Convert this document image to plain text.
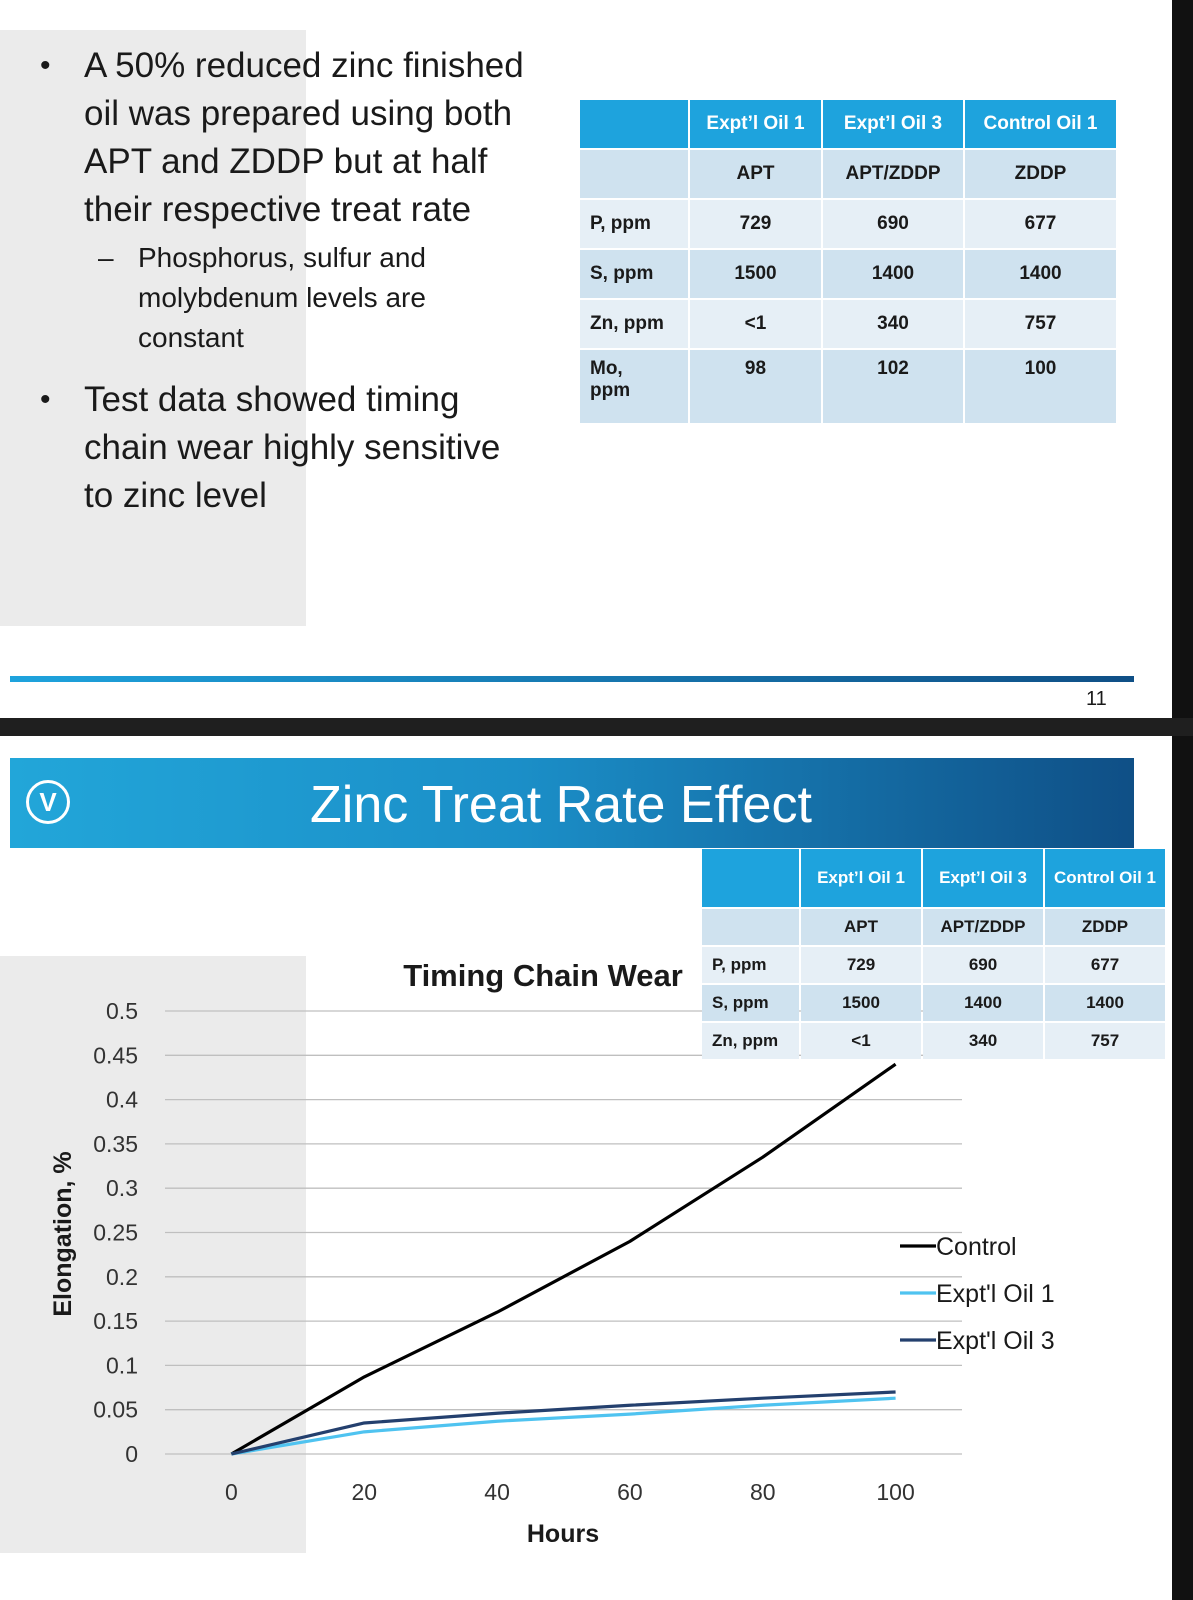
• A 50% reduced zinc finished
oil was prepared using both
APT and ZDDP but at half
their respective treat rate
– Phosphorus, sulfur and
molybdenum levels are
constant
• Test data showed timing
chain wear highly sensitive
to zinc level
	Expt’l Oil 1	Expt’l Oil 3	Control Oil 1
	APT	APT/ZDDP	ZDDP
P, ppm	729	690	677
S, ppm	1500	1400	1400
Zn, ppm	<1	340	757
Mo,
ppm	98	102	100
11
V	Zinc Treat Rate Effect
0
0.05
0.1
0.15
0.2
0.25
0.3
0.35
0.4
0.45
0.5
0	20	40	60	80	100
Hours
Elongation, %
Timing Chain Wear
Control
Expt'l Oil 1
Expt'l Oil 3
	Expt’l Oil 1	Expt’l Oil 3	Control Oil 1
	APT	APT/ZDDP	ZDDP
P, ppm	729	690	677
S, ppm	1500	1400	1400
Zn, ppm	<1	340	757
